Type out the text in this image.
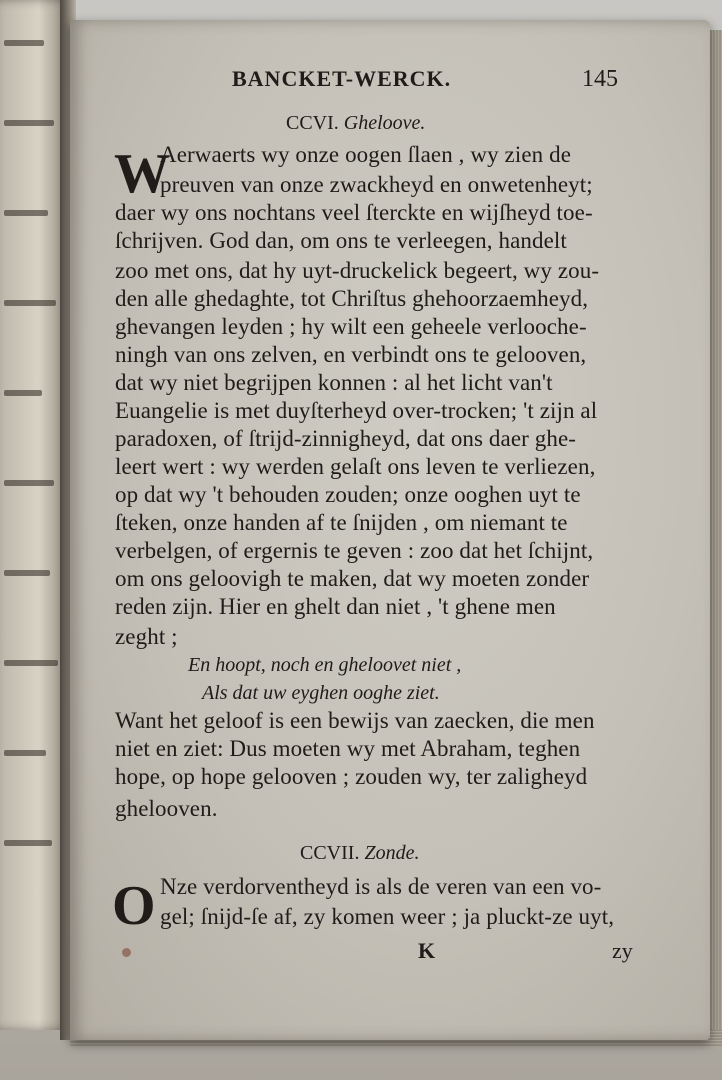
BANCKET-WERCK.	145
CCVI. Gheloove.
W
Aerwaerts wy onze oogen ſlaen , wy zien de
preuven van onze zwackheyd en onwetenheyt;
daer wy ons nochtans veel ſterckte en wijſheyd toe-
ſchrijven. God dan, om ons te verleegen, handelt
zoo met ons, dat hy uyt-druckelick begeert, wy zou-
den alle ghedaghte, tot Chriſtus ghehoorzaemheyd,
ghevangen leyden ; hy wilt een geheele verlooche-
ningh van ons zelven, en verbindt ons te gelooven,
dat wy niet begrijpen konnen : al het licht van't
Euangelie is met duyſterheyd over-trocken; 't zijn al
paradoxen, of ſtrijd-zinnigheyd, dat ons daer ghe-
leert wert : wy werden gelaſt ons leven te verliezen,
op dat wy 't behouden zouden; onze ooghen uyt te
ſteken, onze handen af te ſnijden , om niemant te
verbelgen, of ergernis te geven : zoo dat het ſchijnt,
om ons geloovigh te maken, dat wy moeten zonder
reden zijn. Hier en ghelt dan niet , 't ghene men
zeght ;
En hoopt, noch en gheloovet niet ,
Als dat uw eyghen ooghe ziet.
Want het geloof is een bewijs van zaecken, die men
niet en ziet: Dus moeten wy met Abraham, teghen
hope, op hope gelooven ; zouden wy, ter zaligheyd
ghelooven.
CCVII. Zonde.
O Nze verdorventheyd is als de veren van een vo-
gel; ſnijd-ſe af, zy komen weer ; ja pluckt-ze uyt,
K	zy
